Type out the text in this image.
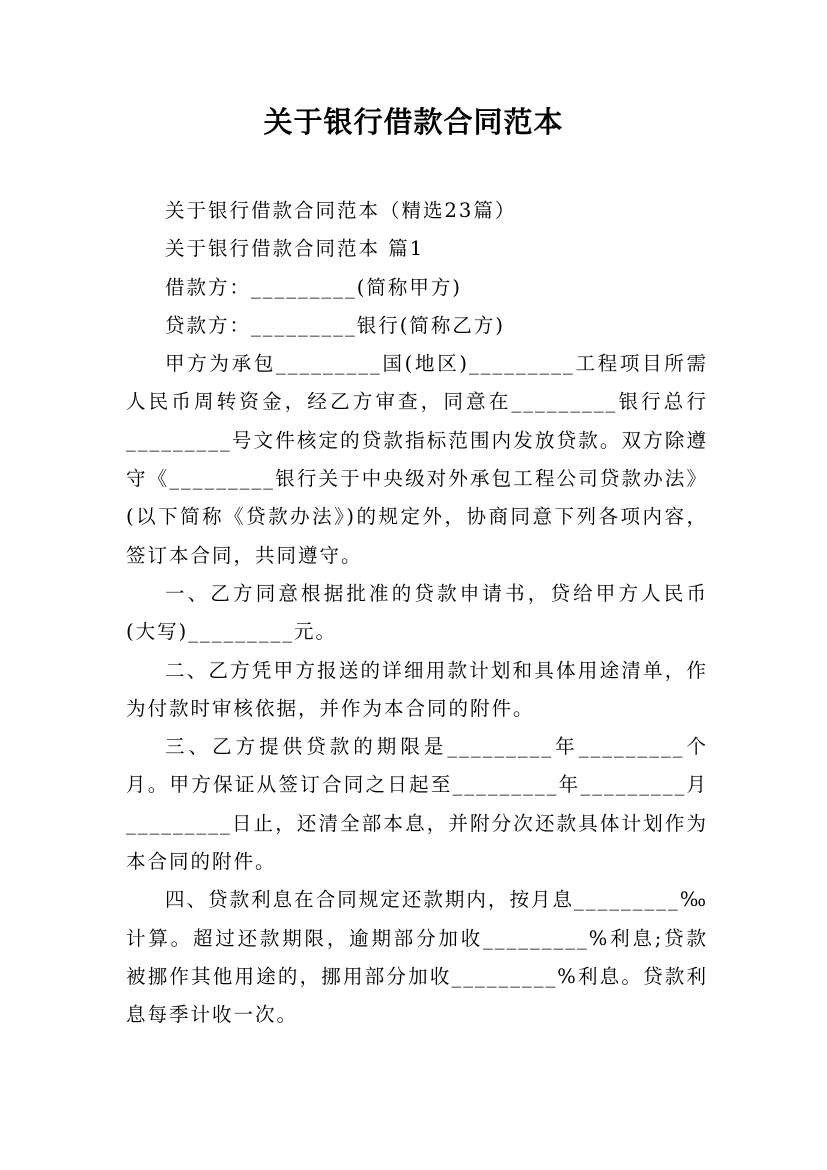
关于银行借款合同范本

关于银行借款合同范本（精选23篇）

关于银行借款合同范本 篇1

借款方：_________(简称甲方)

贷款方：_________银行(简称乙方)

甲方为承包_________国(地区)_________工程项目所需人民币周转资金，经乙方审查，同意在_________银行总行_________号文件核定的贷款指标范围内发放贷款。双方除遵守《_________银行关于中央级对外承包工程公司贷款办法》(以下简称《贷款办法》)的规定外，协商同意下列各项内容，签订本合同，共同遵守。

一、乙方同意根据批准的贷款申请书，贷给甲方人民币(大写)_________元。

二、乙方凭甲方报送的详细用款计划和具体用途清单，作为付款时审核依据，并作为本合同的附件。

三、乙方提供贷款的期限是_________年_________个月。甲方保证从签订合同之日起至_________年_________月_________日止，还清全部本息，并附分次还款具体计划作为本合同的附件。

四、贷款利息在合同规定还款期内，按月息_________‰计算。超过还款期限，逾期部分加收_________%利息;贷款被挪作其他用途的，挪用部分加收_________%利息。贷款利息每季计收一次。
